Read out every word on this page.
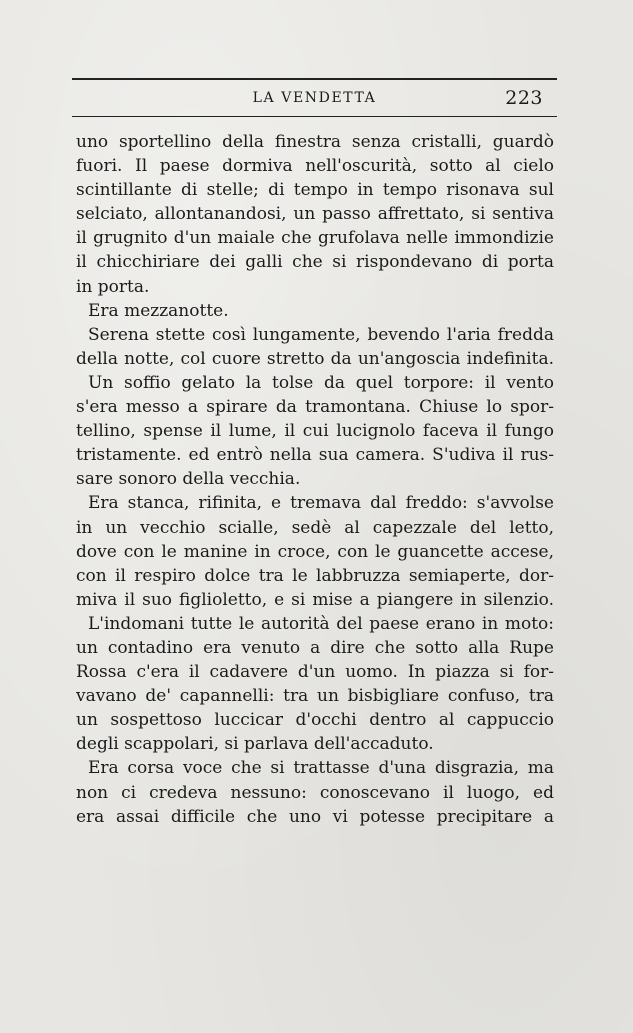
LA VENDETTA	223
uno sportellino della finestra senza cristalli, guardò
fuori. Il paese dormiva nell'oscurità, sotto al cielo
scintillante di stelle; di tempo in tempo risonava sul
selciato, allontanandosi, un passo affrettato, si sentiva
il grugnito d'un maiale che grufolava nelle immondizie
il chicchiriare dei galli che si rispondevano di porta
in porta.
Era mezzanotte.
Serena stette così lungamente, bevendo l'aria fredda
della notte, col cuore stretto da un'angoscia indefinita.
Un soffio gelato la tolse da quel torpore: il vento
s'era messo a spirare da tramontana. Chiuse lo spor-
tellino, spense il lume, il cui lucignolo faceva il fungo
tristamente. ed entrò nella sua camera. S'udiva il rus-
sare sonoro della vecchia.
Era stanca, rifinita, e tremava dal freddo: s'avvolse
in un vecchio scialle, sedè al capezzale del letto,
dove con le manine in croce, con le guancette accese,
con il respiro dolce tra le labbruzza semiaperte, dor-
miva il suo figlioletto, e si mise a piangere in silenzio.
L'indomani tutte le autorità del paese erano in moto:
un contadino era venuto a dire che sotto alla Rupe
Rossa c'era il cadavere d'un uomo. In piazza si for-
vavano de' capannelli: tra un bisbigliare confuso, tra
un sospettoso luccicar d'occhi dentro al cappuccio
degli scappolari, si parlava dell'accaduto.
Era corsa voce che si trattasse d'una disgrazia, ma
non ci credeva nessuno: conoscevano il luogo, ed
era assai difficile che uno vi potesse precipitare a
